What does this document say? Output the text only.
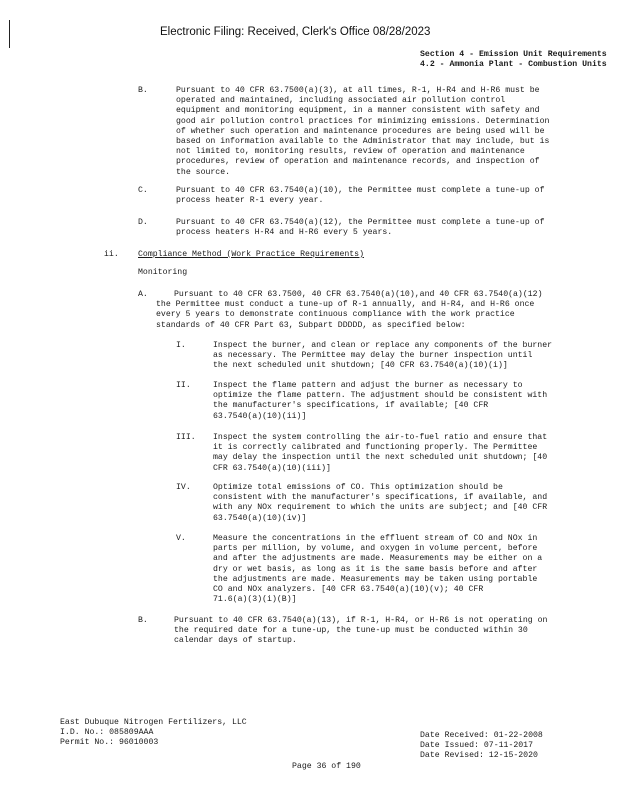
Electronic Filing: Received, Clerk's Office 08/28/2023
Section 4 - Emission Unit Requirements
4.2 - Ammonia Plant - Combustion Units
B.	Pursuant to 40 CFR 63.7500(a)(3), at all times, R-1, H-R4 and H-R6 must be
operated and maintained, including associated air pollution control
equipment and monitoring equipment, in a manner consistent with safety and
good air pollution control practices for minimizing emissions. Determination
of whether such operation and maintenance procedures are being used will be
based on information available to the Administrator that may include, but is
not limited to, monitoring results, review of operation and maintenance
procedures, review of operation and maintenance records, and inspection of
the source.
C.	Pursuant to 40 CFR 63.7540(a)(10), the Permittee must complete a tune-up of
process heater R-1 every year.
D.	Pursuant to 40 CFR 63.7540(a)(12), the Permittee must complete a tune-up of
process heaters H-R4 and H-R6 every 5 years.
ii. Compliance Method (Work Practice Requirements)
Monitoring
A.	Pursuant to 40 CFR 63.7500, 40 CFR 63.7540(a)(10),and 40 CFR 63.7540(a)(12)
the Permittee must conduct a tune-up of R-1 annually, and H-R4, and H-R6 once
every 5 years to demonstrate continuous compliance with the work practice
standards of 40 CFR Part 63, Subpart DDDDD, as specified below:
I.	Inspect the burner, and clean or replace any components of the burner
as necessary. The Permittee may delay the burner inspection until
the next scheduled unit shutdown; [40 CFR 63.7540(a)(10)(i)]
II.	Inspect the flame pattern and adjust the burner as necessary to
optimize the flame pattern. The adjustment should be consistent with
the manufacturer's specifications, if available; [40 CFR
63.7540(a)(10)(ii)]
III. Inspect the system controlling the air-to-fuel ratio and ensure that
it is correctly calibrated and functioning properly. The Permittee
may delay the inspection until the next scheduled unit shutdown; [40
CFR 63.7540(a)(10)(iii)]
IV.	Optimize total emissions of CO. This optimization should be
consistent with the manufacturer's specifications, if available, and
with any NOx requirement to which the units are subject; and [40 CFR
63.7540(a)(10)(iv)]
V.	Measure the concentrations in the effluent stream of CO and NOx in
parts per million, by volume, and oxygen in volume percent, before
and after the adjustments are made. Measurements may be either on a
dry or wet basis, as long as it is the same basis before and after
the adjustments are made. Measurements may be taken using portable
CO and NOx analyzers. [40 CFR 63.7540(a)(10)(v); 40 CFR
71.6(a)(3)(i)(B)]
B.	Pursuant to 40 CFR 63.7540(a)(13), if R-1, H-R4, or H-R6 is not operating on
the required date for a tune-up, the tune-up must be conducted within 30
calendar days of startup.
East Dubuque Nitrogen Fertilizers, LLC
I.D. No.: 085809AAA
Permit No.: 96010003
Date Received: 01-22-2008
Date Issued: 07-11-2017
Date Revised: 12-15-2020
Page 36 of 190
